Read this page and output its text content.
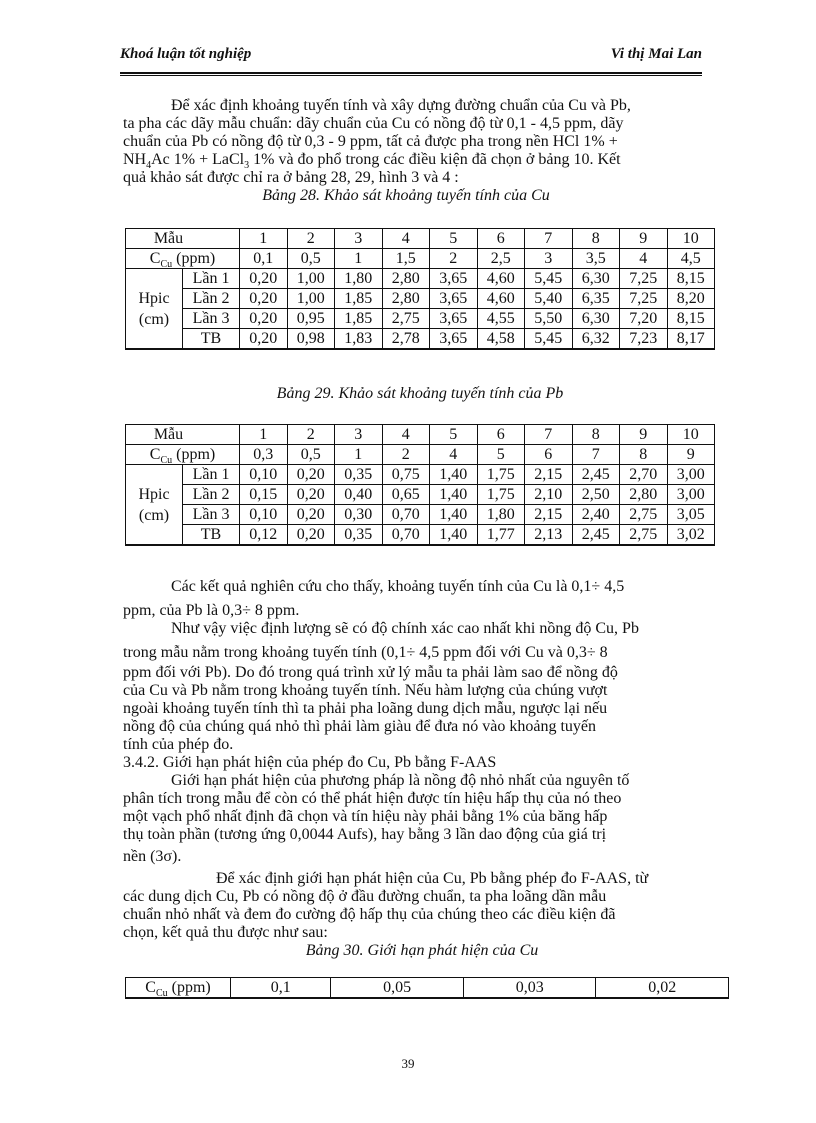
Khoá luận tốt nghiệp	Vi thị Mai Lan

Để xác định khoảng tuyến tính và xây dựng đường chuẩn của Cu và Pb,

ta pha các dãy mẫu chuẩn: dãy chuẩn của Cu có nồng độ từ 0,1 - 4,5 ppm, dãy

chuẩn của Pb có nồng độ từ 0,3 - 9 ppm, tất cả được pha trong nền HCl 1% +

$NH_4Ac$ 1% + LaCl$_3$ 1% và đo phổ trong các điều kiện đã chọn ở bảng 10. Kết

quả khảo sát được chỉ ra ở bảng 28, 29, hình 3 và 4 :

Bảng 28. Khảo sát khoảng tuyến tính của Cu

Mẫu		1	2	3	4	5	6	7	8	9	10
$C_{Cu}$ (ppm)		0,1	0,5	1	1,5	2	2,5	3	3,5	4	4,5
Hpic
(cm)	Lần 1	0,20	1,00	1,80	2,80	3,65	4,60	5,45	6,30	7,25	8,15
	Lần 2	0,20	1,00	1,85	2,80	3,65	4,60	5,40	6,35	7,25	8,20
	Lần 3	0,20	0,95	1,85	2,75	3,65	4,55	5,50	6,30	7,20	8,15
	TB	0,20	0,98	1,83	2,78	3,65	4,58	5,45	6,32	7,23	8,17

Bảng 29. Khảo sát khoảng tuyến tính của Pb

Mẫu		1	2	3	4	5	6	7	8	9	10
$C_{Cu}$ (ppm)		0,3	0,5	1	2	4	5	6	7	8	9
Hpic
(cm)	Lần 1	0,10	0,20	0,35	0,75	1,40	1,75	2,15	2,45	2,70	3,00
	Lần 2	0,15	0,20	0,40	0,65	1,40	1,75	2,10	2,50	2,80	3,00
	Lần 3	0,10	0,20	0,30	0,70	1,40	1,80	2,15	2,40	2,75	3,05
	TB	0,12	0,20	0,35	0,70	1,40	1,77	2,13	2,45	2,75	3,02

Các kết quả nghiên cứu cho thấy, khoảng tuyến tính của Cu là 0,1÷ 4,5

ppm, của Pb là 0,3÷ 8 ppm.

Như vậy việc định lượng sẽ có độ chính xác cao nhất khi nồng độ Cu, Pb

trong mẫu nằm trong khoảng tuyến tính (0,1÷ 4,5 ppm đối với Cu và 0,3÷ 8

ppm đối với Pb). Do đó trong quá trình xử lý mẫu ta phải làm sao để nồng độ

của Cu và Pb nằm trong khoảng tuyến tính. Nếu hàm lượng của chúng vượt

ngoài khoảng tuyến tính thì ta phải pha loãng dung dịch mẫu, ngược lại nếu

nồng độ của chúng quá nhỏ thì phải làm giàu để đưa nó vào khoảng tuyến

tính của phép đo.

3.4.2. Giới hạn phát hiện của phép đo Cu, Pb bằng F-AAS

Giới hạn phát hiện của phương pháp là nồng độ nhỏ nhất của nguyên tố

phân tích trong mẫu để còn có thể phát hiện được tín hiệu hấp thụ của nó theo

một vạch phổ nhất định đã chọn và tín hiệu này phải bằng 1% của băng hấp

thụ toàn phần (tương ứng 0,0044 Aufs), hay bằng 3 lần dao động của giá trị

nền (3σ).

Để xác định giới hạn phát hiện của Cu, Pb bằng phép đo F-AAS, từ

các dung dịch Cu, Pb có nồng độ ở đầu đường chuẩn, ta pha loãng dần mẫu

chuẩn nhỏ nhất và đem đo cường độ hấp thụ của chúng theo các điều kiện đã

chọn, kết quả thu được như sau:

Bảng 30. Giới hạn phát hiện của Cu

$C_{Cu}$ (ppm)	0,1	0,05	0,03	0,02
39
